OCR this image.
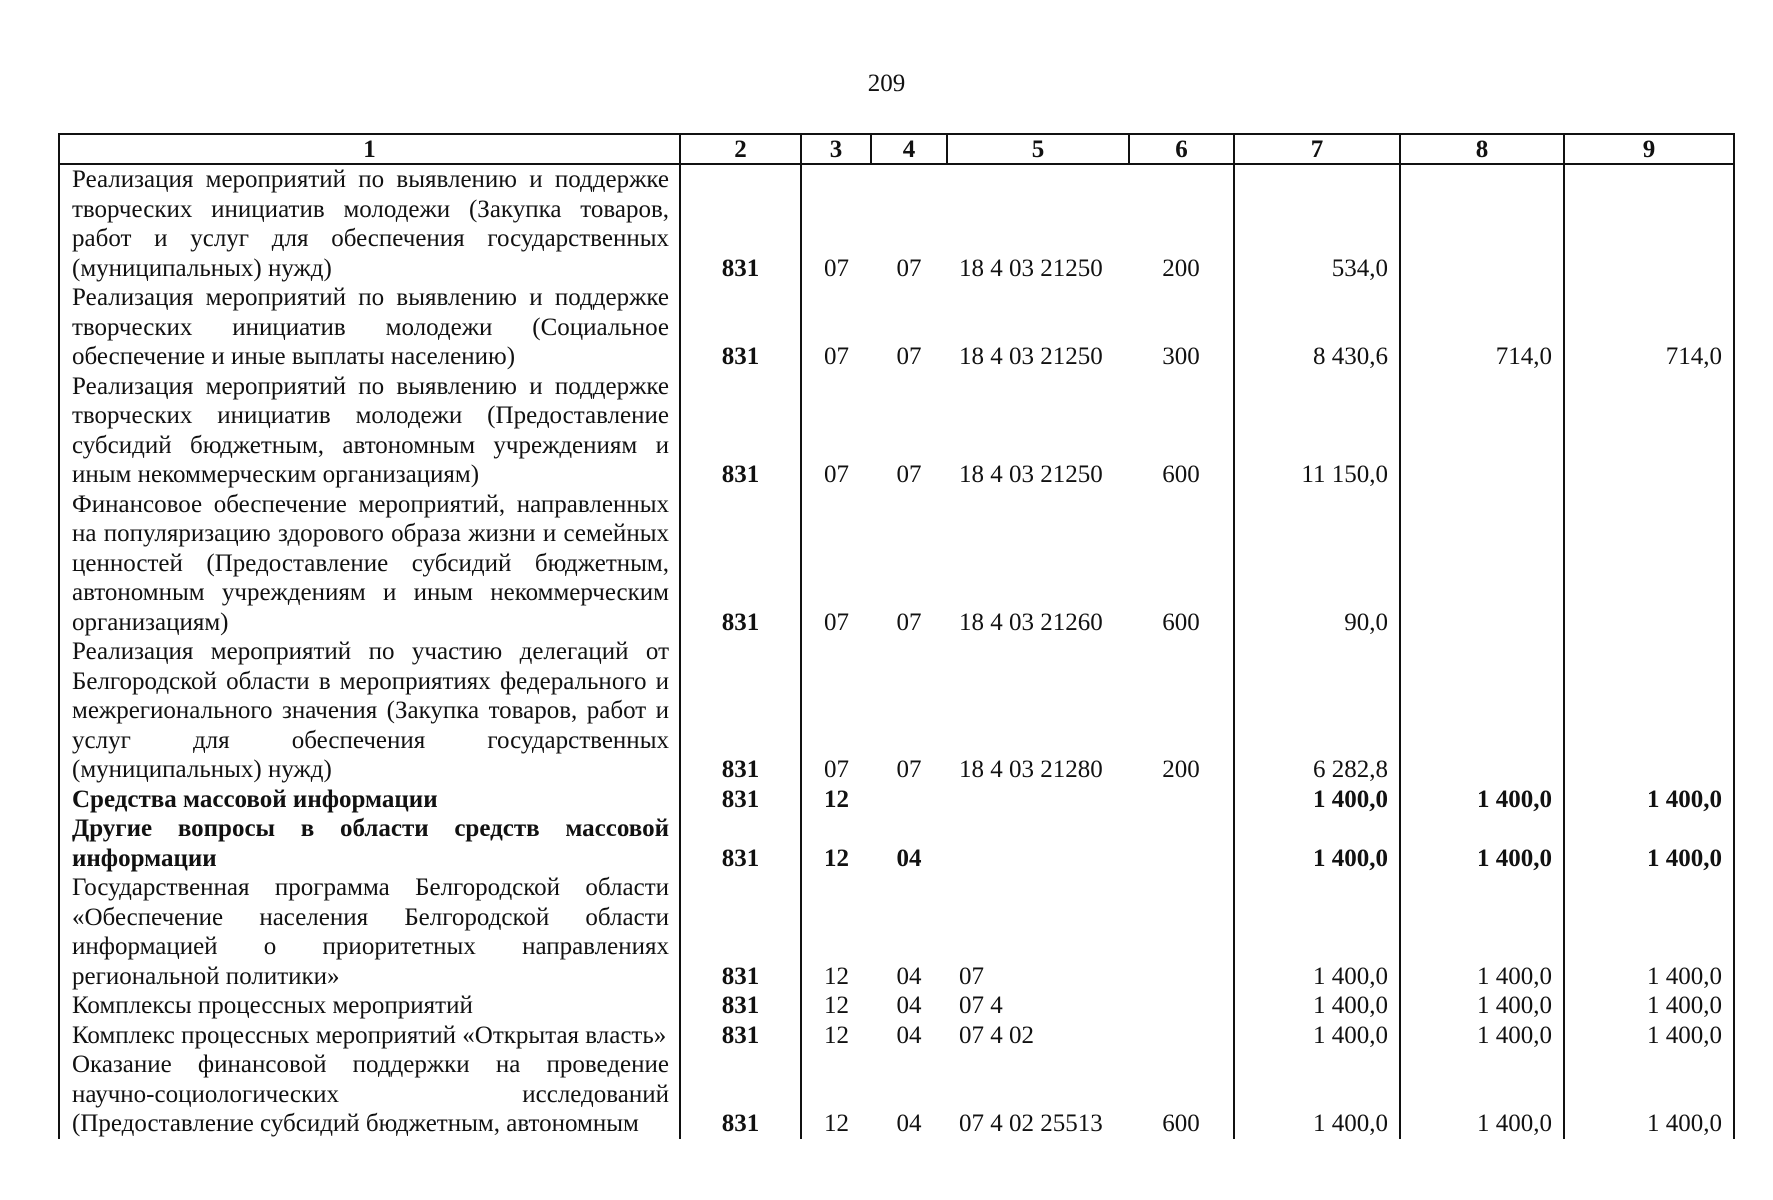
209
1	2	3	4	5	6	7	8	9
Реализация мероприятий по выявлению и поддержке творческих инициатив молодежи (Закупка товаров, работ и услуг для обеспечения государственных (муниципальных) нужд)	831	07	07	18 4 03 21250	200	534,0		
Реализация мероприятий по выявлению и поддержке творческих инициатив молодежи (Социальное обеспечение и иные выплаты населению)	831	07	07	18 4 03 21250	300	8 430,6	714,0	714,0
Реализация мероприятий по выявлению и поддержке творческих инициатив молодежи (Предоставление субсидий бюджетным, автономным учреждениям и иным некоммерческим организациям)	831	07	07	18 4 03 21250	600	11 150,0		
Финансовое обеспечение мероприятий, направленных на популяризацию здорового образа жизни и семейных ценностей (Предоставление субсидий бюджетным, автономным учреждениям и иным некоммерческим организациям)	831	07	07	18 4 03 21260	600	90,0		
Реализация мероприятий по участию делегаций от Белгородской области в мероприятиях федерального и межрегионального значения (Закупка товаров, работ и услуг для обеспечения государственных (муниципальных) нужд)	831	07	07	18 4 03 21280	200	6 282,8		
Средства массовой информации	831	12				1 400,0	1 400,0	1 400,0
Другие вопросы в области средств массовой информации	831	12	04			1 400,0	1 400,0	1 400,0
Государственная программа Белгородской области «Обеспечение населения Белгородской области информацией о приоритетных направлениях региональной политики»	831	12	04	07		1 400,0	1 400,0	1 400,0
Комплексы процессных мероприятий	831	12	04	07 4		1 400,0	1 400,0	1 400,0
Комплекс процессных мероприятий «Открытая власть»	831	12	04	07 4 02		1 400,0	1 400,0	1 400,0
Оказание финансовой поддержки на проведение научно-социологических исследований (Предоставление субсидий бюджетным, автономным	831	12	04	07 4 02 25513	600	1 400,0	1 400,0	1 400,0
